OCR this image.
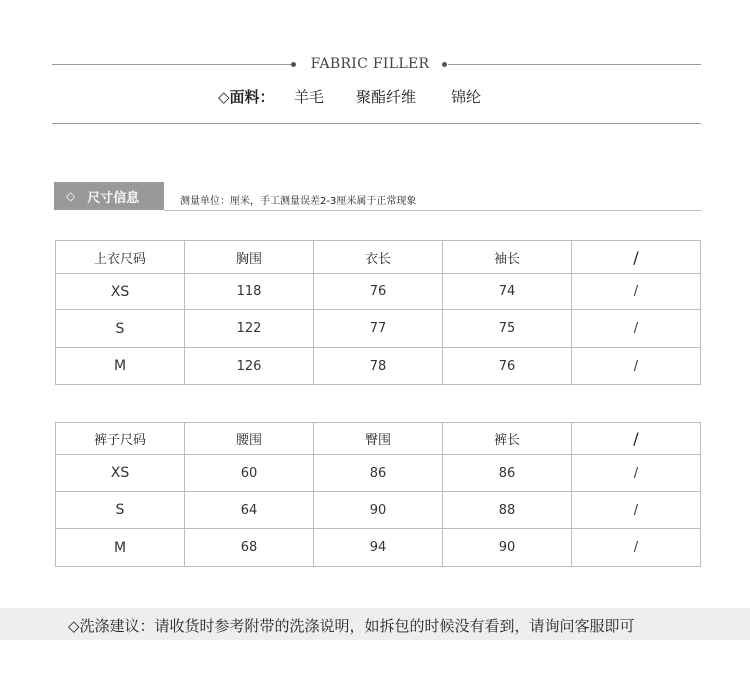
FABRIC FILLER
◇面料： 羊毛 聚酯纤维 锦纶
◇ 尺寸信息	测量单位：厘米，手工测量误差2-3厘米属于正常现象
上衣尺码	胸围	衣长	袖长	/
XS	118	76	74	/
S	122	77	75	/
M	126	78	76	/
裤子尺码	腰围	臀围	裤长	/
XS	60	86	86	/
S	64	90	88	/
M	68	94	90	/
◇洗涤建议：请收货时参考附带的洗涤说明，如拆包的时候没有看到，请询问客服即可
